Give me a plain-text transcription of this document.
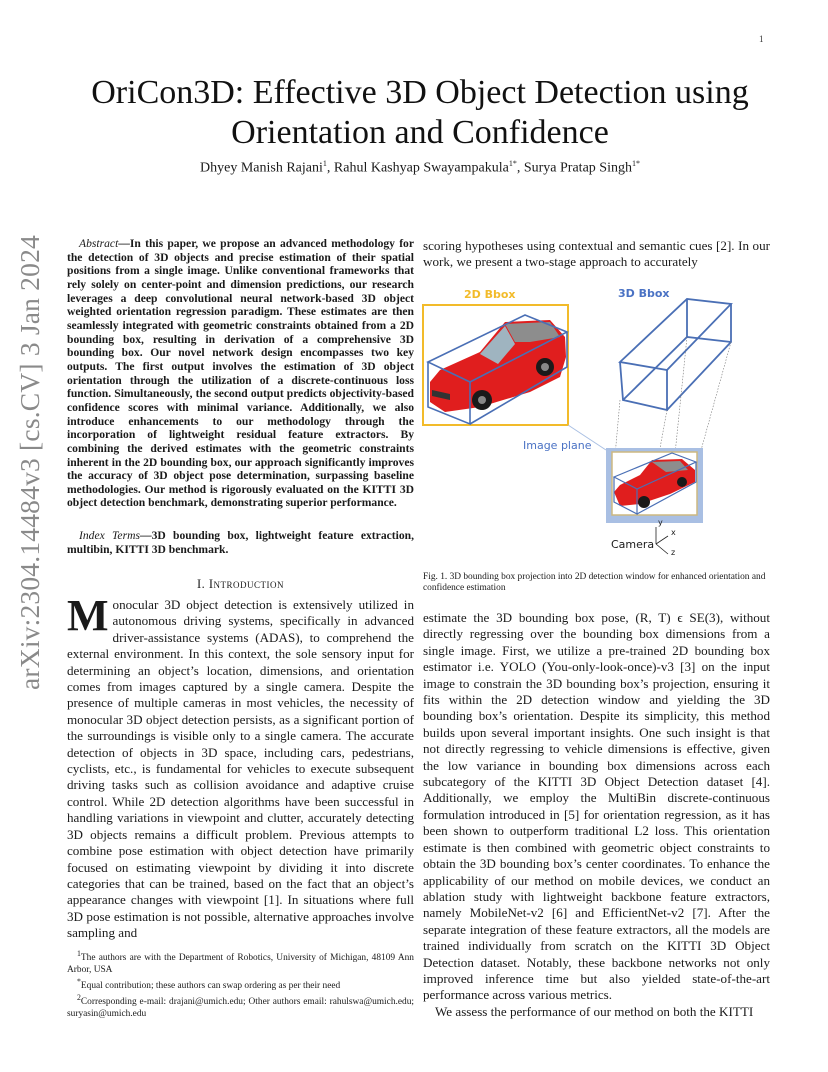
1
arXiv:2304.14484v3 [cs.CV] 3 Jan 2024
OriCon3D: Effective 3D Object Detection using
Orientation and Confidence
Dhyey Manish Rajani$^1$, Rahul Kashyap Swayampakula$^{1*}$, Surya Pratap Singh$^{1*}$
Abstract—In this paper, we propose an advanced methodology for the detection of 3D objects and precise estimation of their spatial positions from a single image. Unlike conventional frameworks that rely solely on center-point and dimension predictions, our research leverages a deep convolutional neural network-based 3D object weighted orientation regression paradigm. These estimates are then seamlessly integrated with geometric constraints obtained from a 2D bounding box, resulting in derivation of a comprehensive 3D bounding box. Our novel network design encompasses two key outputs. The first output involves the estimation of 3D object orientation through the utilization of a discrete-continuous loss function. Simultaneously, the second output predicts objectivity-based confidence scores with minimal variance. Additionally, we also introduce enhancements to our methodology through the incorporation of lightweight residual feature extractors. By combining the derived estimates with the geometric constraints inherent in the 2D bounding box, our approach significantly improves the accuracy of 3D object pose determination, surpassing baseline methodologies. Our method is rigorously evaluated on the KITTI 3D object detection benchmark, demonstrating superior performance.
Index Terms—3D bounding box, lightweight feature extraction, multibin, KITTI 3D benchmark.
I. Introduction
Monocular 3D object detection is extensively utilized in autonomous driving systems, specifically in advanced driver-assistance systems (ADAS), to comprehend the external environment. In this context, the sole sensory input for determining an object’s location, dimensions, and orientation comes from images captured by a single camera. Despite the presence of multiple cameras in most vehicles, the necessity of monocular 3D object detection persists, as a significant portion of the surroundings is visible only to a single camera. The accurate detection of objects in 3D space, including cars, pedestrians, cyclists, etc., is fundamental for vehicles to execute subsequent driving tasks such as collision avoidance and adaptive cruise control. While 2D detection algorithms have been successful in handling variations in viewpoint and clutter, accurately detecting 3D objects remains a difficult problem. Previous attempts to combine pose estimation with object detection have primarily focused on estimating viewpoint by dividing it into discrete categories that can be trained, based on the fact that an object’s appearance changes with viewpoint [1]. In situations where full 3D pose estimation is not possible, alternative approaches involve sampling and

$^1$The authors are with the Department of Robotics, University of Michigan, 48109 Ann Arbor, USA

*Equal contribution; these authors can swap ordering as per their need

$^2$Corresponding e-mail: drajani@umich.edu; Other authors email: rahulswa@umich.edu; suryasin@umich.edu

scoring hypotheses using contextual and semantic cues [2]. In our work, we present a two-stage approach to accurately
2D Bbox	3D Bbox
Image plane
Camera
y
x
z
Fig. 1. 3D bounding box projection into 2D detection window for enhanced orientation and confidence estimation

estimate the 3D bounding box pose, (R, T) ϵ SE(3), without directly regressing over the bounding box dimensions from a single image. First, we utilize a pre-trained 2D bounding box estimator i.e. YOLO (You-only-look-once)-v3 [3] on the input image to constrain the 3D bounding box’s projection, ensuring it fits within the 2D detection window and yielding the 3D bounding box’s orientation. Despite its simplicity, this method builds upon several important insights. One such insight is that not directly regressing to vehicle dimensions is effective, given the low variance in bounding box dimensions across each subcategory of the KITTI 3D Object Detection dataset [4]. Additionally, we employ the MultiBin discrete-continuous formulation introduced in [5] for orientation regression, as it has been shown to outperform traditional L2 loss. This orientation estimate is then combined with geometric object constraints to obtain the 3D bounding box’s center coordinates. To enhance the applicability of our method on mobile devices, we conduct an ablation study with lightweight backbone feature extractors, namely MobileNet-v2 [6] and EfficientNet-v2 [7]. After the separate integration of these feature extractors, all the models are trained individually from scratch on the KITTI 3D Object Detection dataset. Notably, these backbone networks not only improved inference time but also yielded state-of-the-art performance across various metrics.

We assess the performance of our method on both the KITTI
